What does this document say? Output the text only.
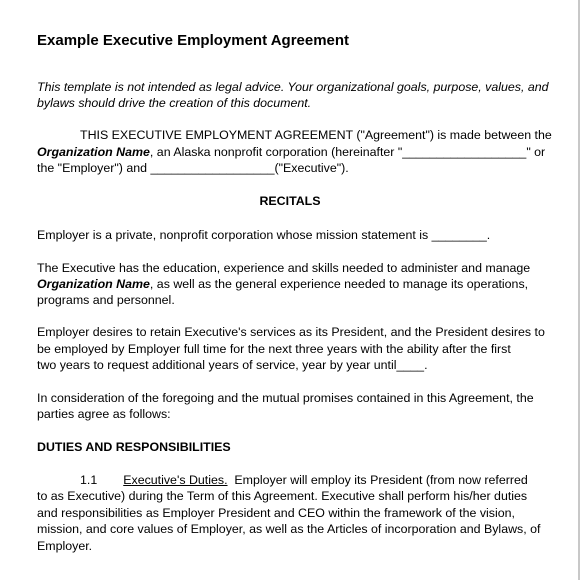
Example Executive Employment Agreement
This template is not intended as legal advice. Your organizational goals, purpose, values, and
bylaws should drive the creation of this document.
THIS EXECUTIVE EMPLOYMENT AGREEMENT ("Agreement") is made between the
Organization Name, an Alaska nonprofit corporation (hereinafter "__________________" or
the "Employer") and __________________("Executive").
RECITALS
Employer is a private, nonprofit corporation whose mission statement is ________.
The Executive has the education, experience and skills needed to administer and manage
Organization Name, as well as the general experience needed to manage its operations,
programs and personnel.
Employer desires to retain Executive's services as its President, and the President desires to
be employed by Employer full time for the next three years with the ability after the first
two years to request additional years of service, year by year until____.
In consideration of the foregoing and the mutual promises contained in this Agreement, the
parties agree as follows:
DUTIES AND RESPONSIBILITIES
1.1 Executive's Duties. Employer will employ its President (from now referred
to as Executive) during the Term of this Agreement. Executive shall perform his/her duties
and responsibilities as Employer President and CEO within the framework of the vision,
mission, and core values of Employer, as well as the Articles of incorporation and Bylaws, of
Employer.
